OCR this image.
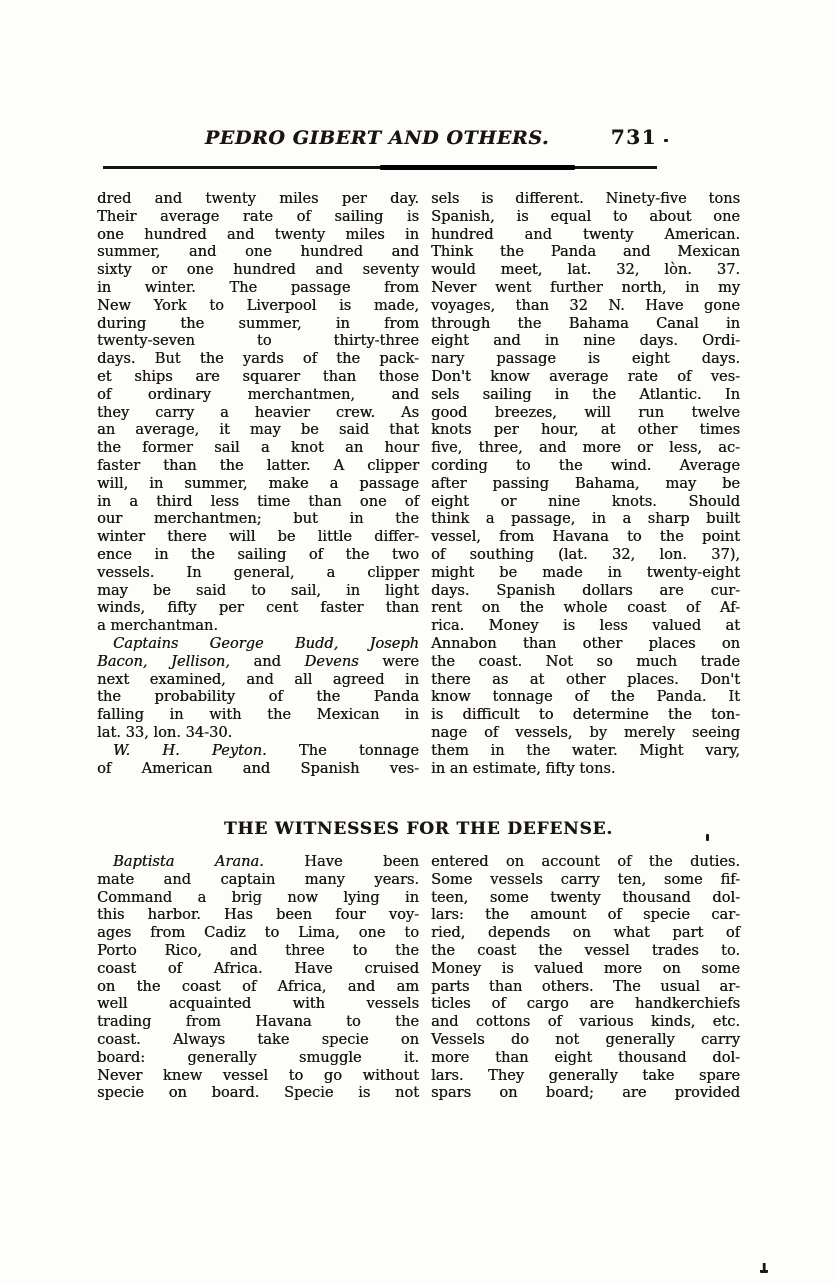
PEDRO GIBERT AND OTHERS.	731
dred and twenty miles per day.
Their average rate of sailing is
one hundred and twenty miles in
summer, and one hundred and
sixty or one hundred and seventy
in winter. The passage from
New York to Liverpool is made,
during the summer, in from
twenty-seven to thirty-three
days. But the yards of the pack-
et ships are squarer than those
of ordinary merchantmen, and
they carry a heavier crew. As
an average, it may be said that
the former sail a knot an hour
faster than the latter. A clipper
will, in summer, make a passage
in a third less time than one of
our merchantmen; but in the
winter there will be little differ-
ence in the sailing of the two
vessels. In general, a clipper
may be said to sail, in light
winds, fifty per cent faster than
a merchantman.
Captains George Budd, Joseph
Bacon, Jellison, and Devens were
next examined, and all agreed in
the probability of the Panda
falling in with the Mexican in
lat. 33, lon. 34-30.
W. H. Peyton. The tonnage
of American and Spanish ves-
sels is different. Ninety-five tons
Spanish, is equal to about one
hundred and twenty American.
Think the Panda and Mexican
would meet, lat. 32, lòn. 37.
Never went further north, in my
voyages, than 32 N. Have gone
through the Bahama Canal in
eight and in nine days. Ordi-
nary passage is eight days.
Don't know average rate of ves-
sels sailing in the Atlantic. In
good breezes, will run twelve
knots per hour, at other times
five, three, and more or less, ac-
cording to the wind. Average
after passing Bahama, may be
eight or nine knots. Should
think a passage, in a sharp built
vessel, from Havana to the point
of southing (lat. 32, lon. 37),
might be made in twenty-eight
days. Spanish dollars are cur-
rent on the whole coast of Af-
rica. Money is less valued at
Annabon than other places on
the coast. Not so much trade
there as at other places. Don't
know tonnage of the Panda. It
is difficult to determine the ton-
nage of vessels, by merely seeing
them in the water. Might vary,
in an estimate, fifty tons.
THE WITNESSES FOR THE DEFENSE.
Baptista Arana. Have been
mate and captain many years.
Command a brig now lying in
this harbor. Has been four voy-
ages from Cadiz to Lima, one to
Porto Rico, and three to the
coast of Africa. Have cruised
on the coast of Africa, and am
well acquainted with vessels
trading from Havana to the
coast. Always take specie on
board: generally smuggle it.
Never knew vessel to go without
specie on board. Specie is not
entered on account of the duties.
Some vessels carry ten, some fif-
teen, some twenty thousand dol-
lars: the amount of specie car-
ried, depends on what part of
the coast the vessel trades to.
Money is valued more on some
parts than others. The usual ar-
ticles of cargo are handkerchiefs
and cottons of various kinds, etc.
Vessels do not generally carry
more than eight thousand dol-
lars. They generally take spare
spars on board; are provided
